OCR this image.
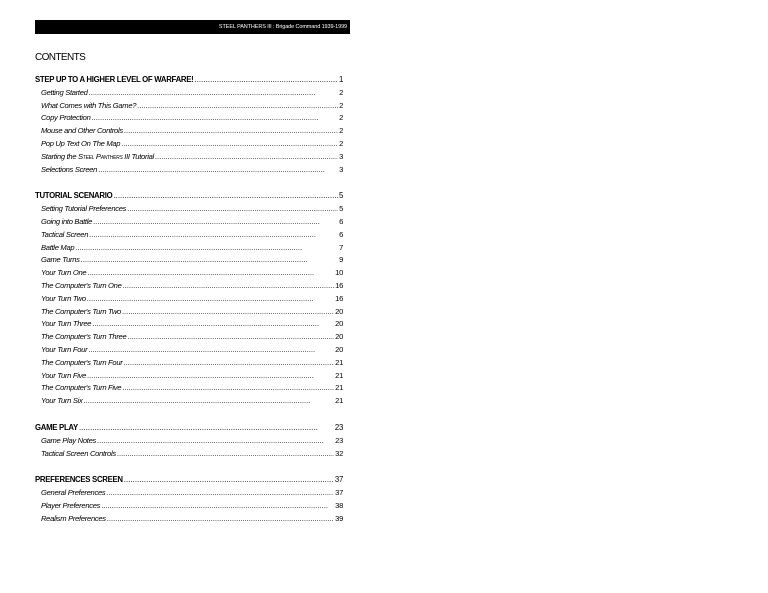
STEEL PANTHERS III : Brigade Command 1939-1999
CONTENTS
STEP UP TO A HIGHER LEVEL OF WARFARE! . . .	1
Getting Started . . .	2
What Comes with This Game? . . .	2
Copy Protection . . .	2
Mouse and Other Controls . . .	2
Pop Up Text On The Map . . .	2
Starting the Steel Panthers III Tutorial . . .	3
Selections Screen . . .	3
TUTORIAL SCENARIO . . .	5
Setting Tutorial Preferences . . .	5
Going into Battle . . .	6
Tactical Screen . . .	6
Battle Map . . .	7
Game Turns . . .	9
Your Turn One . . .	10
The Computer's Turn One . . .	16
Your Turn Two . . .	16
The Computer's Turn Two . . .	20
Your Turn Three . . .	20
The Computer's Turn Three . . .	20
Your Turn Four . . .	20
The Computer's Turn Four . . .	21
Your Turn Five . . .	21
The Computer's Turn Five . . .	21
Your Turn Six . . .	21
GAME PLAY . . .	23
Game Play Notes . . .	23
Tactical Screen Controls . . .	32
PREFERENCES SCREEN . . .	37
General Preferences . . .	37
Player Preferences . . .	38
Realism Preferences . . .	39
